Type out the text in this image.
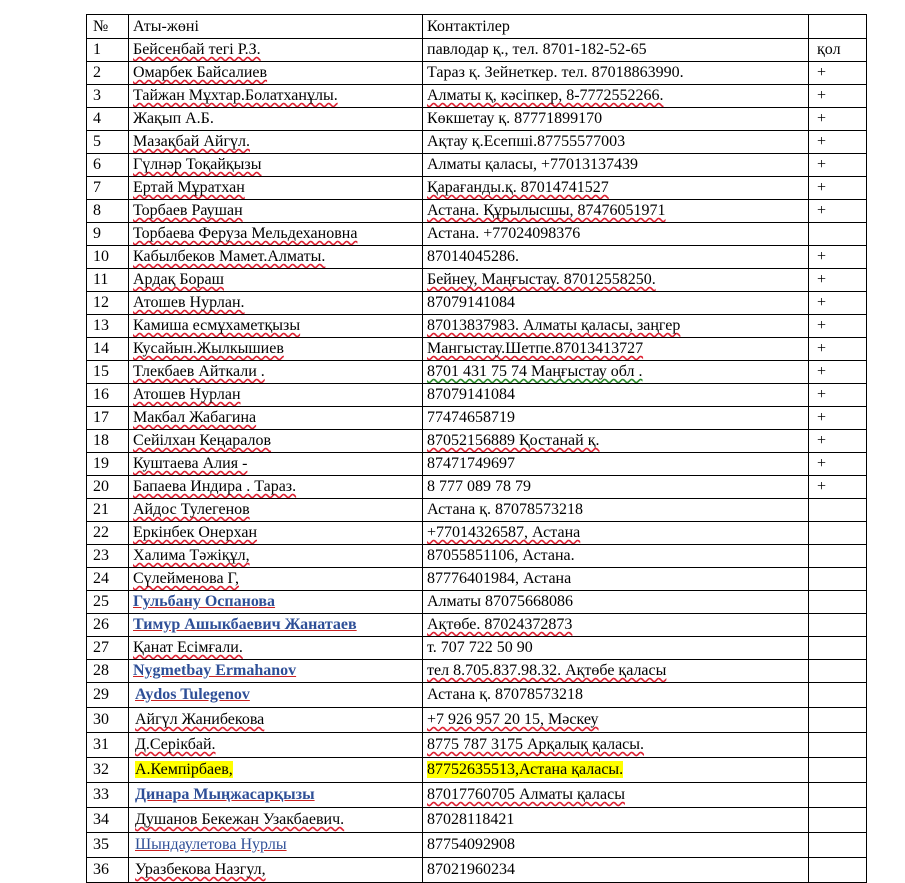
№	Аты-жөні	Контактілер	
1	Бейсенбай тегі Р.З.	павлодар қ., тел. 8701-182-52-65	қол
2	Омарбек Байсалиев	Тараз қ. Зейнеткер. тел. 87018863990.	+
3	Тайжан Мұхтар.Болатханұлы.	Алматы қ, кәсіпкер, 8-7772552266.	+
4	Жақып А.Б.	Көкшетау қ. 87771899170	+
5	Мазақбай Айгүл.	Ақтау қ.Есепші.87755577003	+
6	Гүлнәр Тоқайқызы	Алматы қаласы, +77013137439	+
7	Ертай Мұратхан	Қарағанды.қ. 87014741527	+
8	Торбаев Раушан	Астана. Құрылысшы, 87476051971	+
9	Торбаева Феруза Мельдехановна	Астана. +77024098376	
10	Кабылбеков Мамет.Алматы.	87014045286.	+
11	Ардақ Бораш	Бейнеу, Маңғыстау. 87012558250.	+
12	Атошев Нурлан.	87079141084	+
13	Камиша есмұхаметқызы	87013837983. Алматы қаласы, заңгер	+
14	Кусайын.Жылкышиев	Мангыстау.Шетпе.87013413727	+
15	Тлекбаев Айткали .	8701 431 75 74 Маңғыстау обл .	+
16	Атошев Нурлан	87079141084	+
17	Макбал Жабагина	77474658719	+
18	Сейілхан Кеңаралов	87052156889 Қостанай қ.	+
19	Куштаева Алия -	87471749697	+
20	Бапаева Индира . Тараз.	8 777 089 78 79	+
21	Айдос Тулегенов	Астана қ. 87078573218	
22	Еркінбек Онерхан	+77014326587, Астана	
23	Халима Тәжіқұл,	87055851106, Астана.	
24	Сүлейменова Г,	87776401984, Астана	
25	Гульбану Оспанова	Алматы 87075668086	
26	Тимур Ашыкбаевич Жанатаев	Ақтөбе. 87024372873	
27	Қанат Есімғали.	т. 707 722 50 90	
28	Nygmetbay Ermahanov	тел 8.705.837.98.32. Ақтөбе қаласы	
29	Aydos Tulegenov	Астана қ. 87078573218	
30	Айгүл Жанибекова	+7 926 957 20 15, Мәскеу	
31	Д.Серікбай.	8775 787 3175 Арқалық қаласы.	
32	А.Кемпірбаев,	87752635513,Астана қаласы.	
33	Динара Мыңжасарқызы	87017760705 Алматы қаласы	
34	Душанов Бекежан Узакбаевич.	87028118421	
35	Шындаулетова Нурлы	87754092908	
36	Уразбекова Назгул,	87021960234	
